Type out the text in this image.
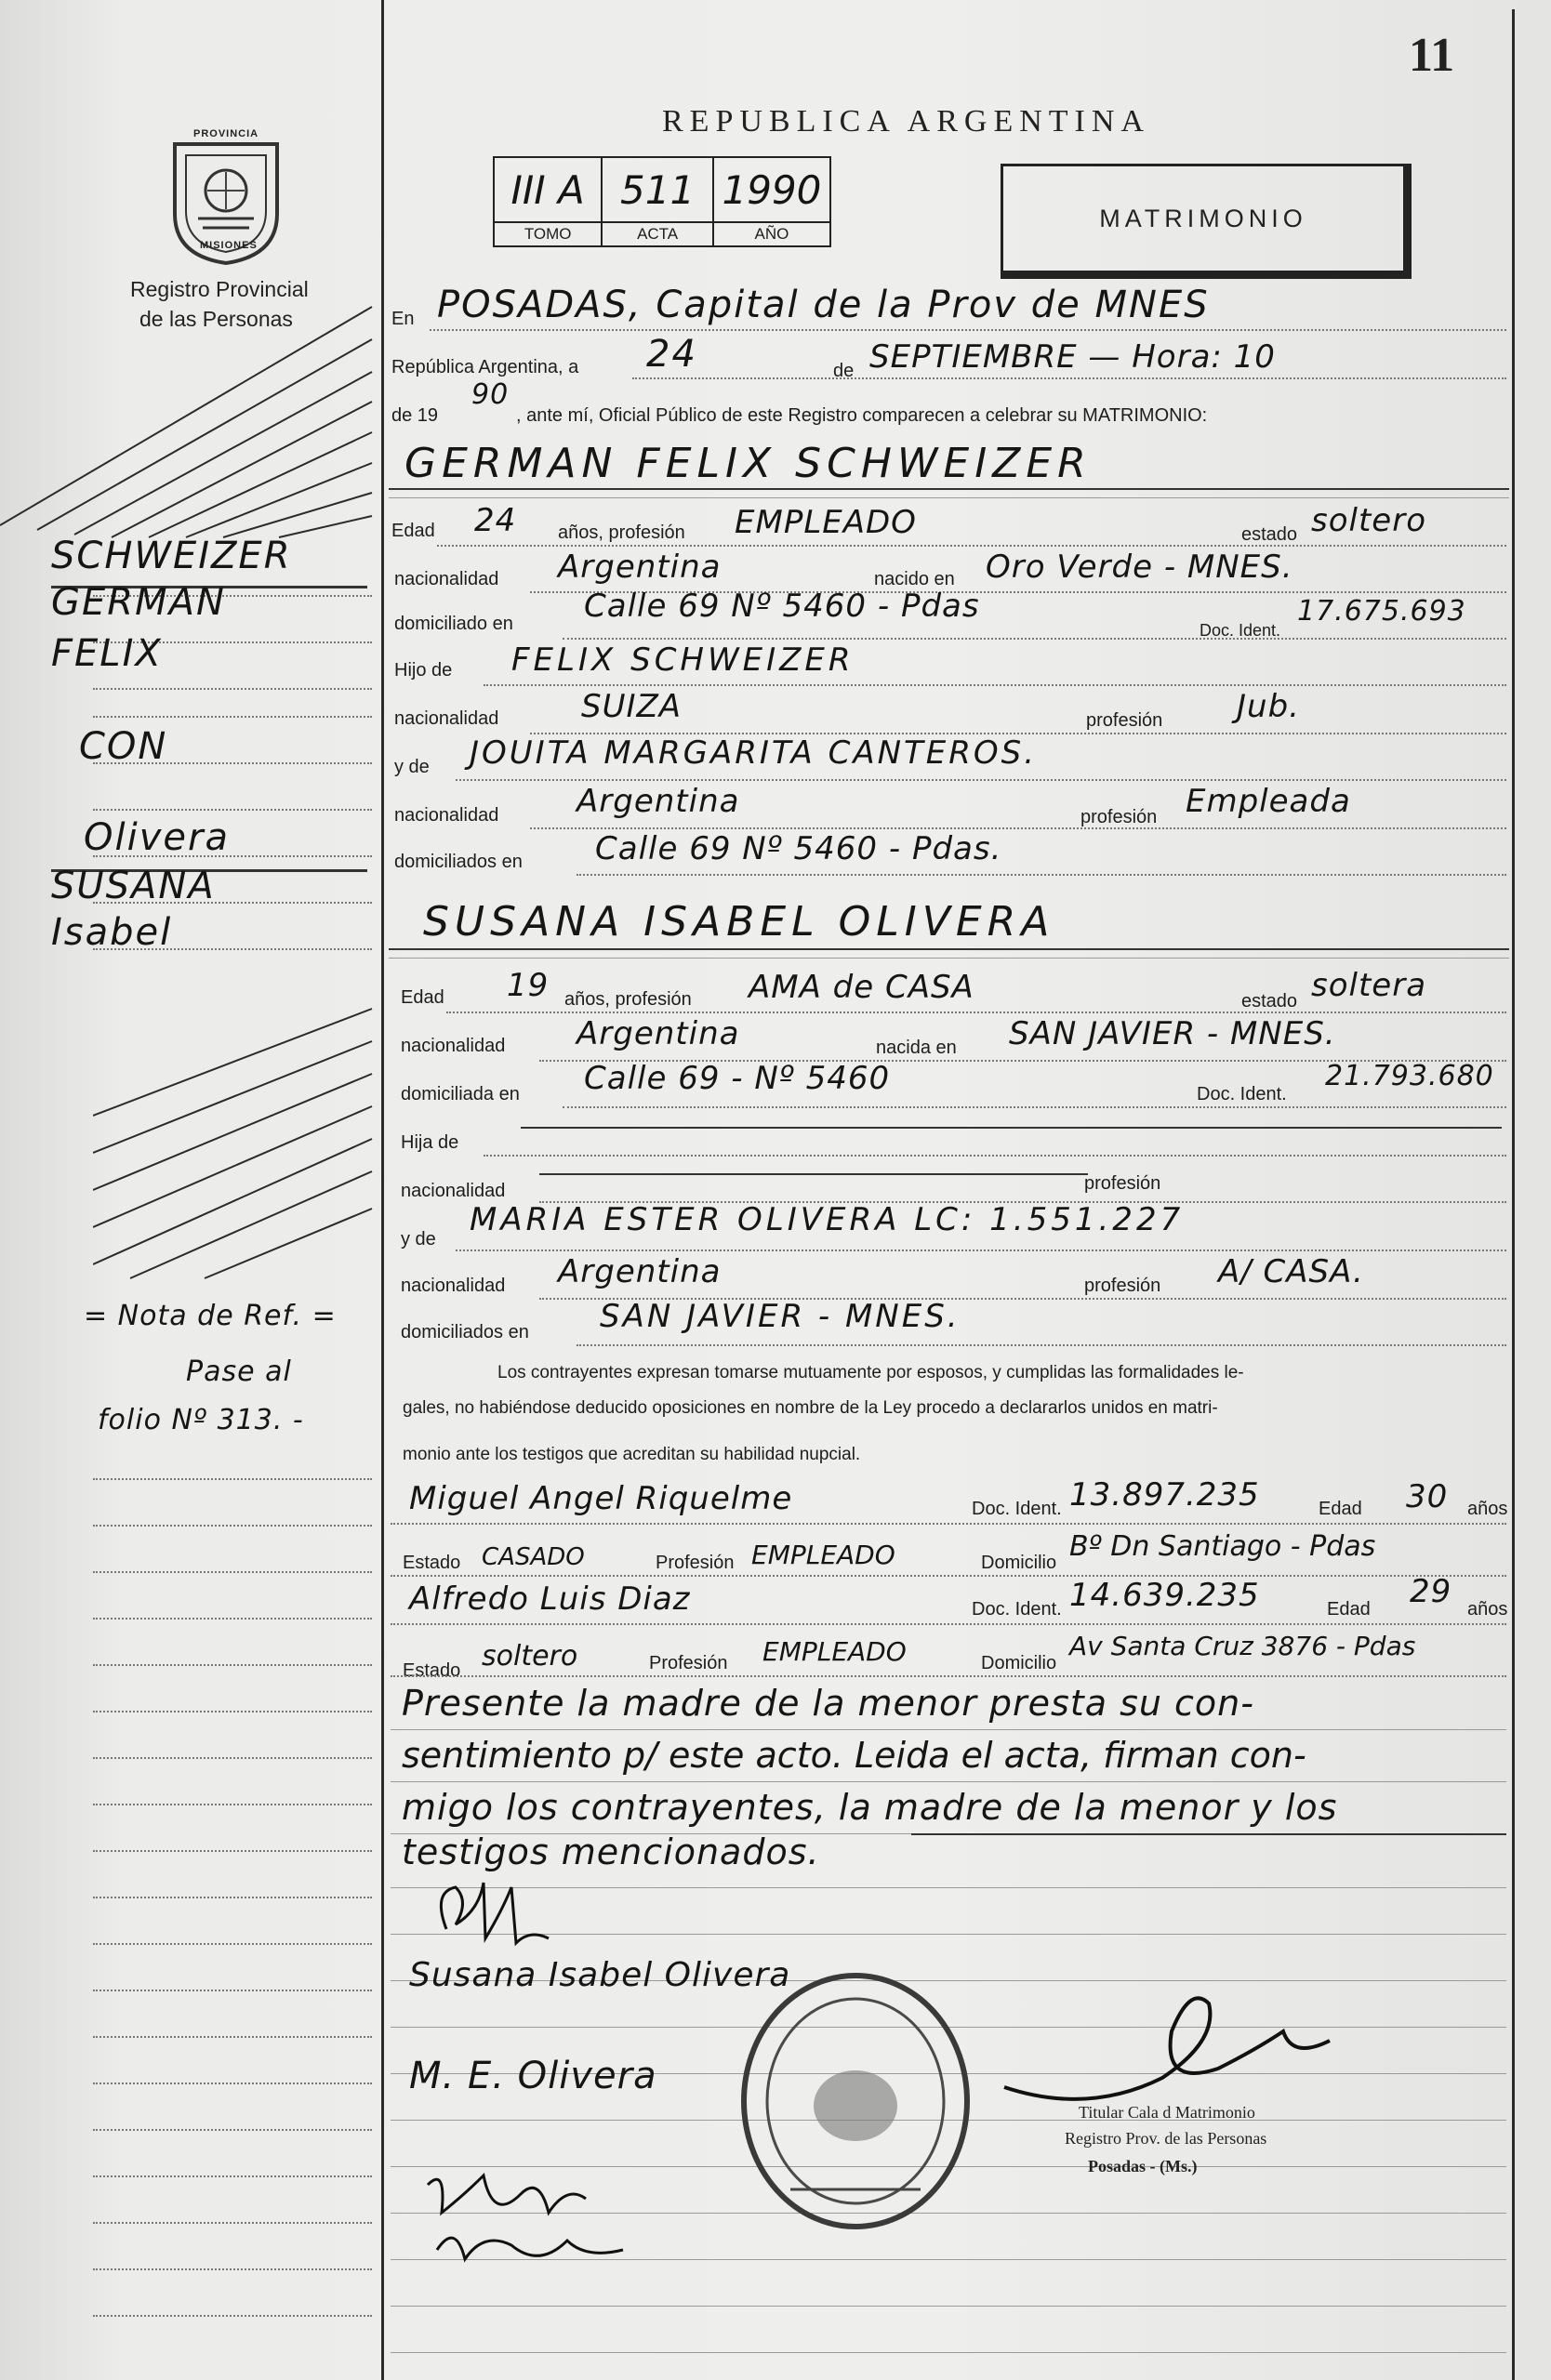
11
PROVINCIA
MISIONES
Registro Provincial
de las Personas
REPUBLICA ARGENTINA
III A	511	1990
TOMO	ACTA	AÑO
MATRIMONIO
SCHWEIZER
GERMAN
FELIX
CON
Olivera
SUSANA
Isabel
= Nota de Ref. =
Pase al
folio Nº 313. -
En POSADAS, Capital de la Prov de MNES
República Argentina, a 24	de SEPTIEMBRE — Hora: 10
de 19
90
, ante mí, Oficial Público de este Registro comparecen a celebrar su MATRIMONIO:
GERMAN FELIX SCHWEIZER
Edad 24 años, profesión EMPLEADO	estado soltero
nacionalidad Argentina	nacido en Oro Verde - MNES.
domiciliado en Calle 69 Nº 5460 - Pdas
Doc. Ident.
17.675.693
Hijo de FELIX SCHWEIZER
nacionalidad	SUIZA	profesión Jub.
y de JOUITA MARGARITA CANTEROS.
nacionalidad Argentina	profesión Empleada
domiciliados en Calle 69 Nº 5460 - Pdas.
SUSANA ISABEL OLIVERA
Edad 19 años, profesión AMA de CASA	estado soltera
nacionalidad Argentina	nacida en SAN JAVIER - MNES.
domiciliada en Calle 69 - Nº 5460	Doc. Ident.
21.793.680
Hija de
nacionalidad	profesión
y de
MARIA ESTER OLIVERA LC: 1.551.227
nacionalidad Argentina	profesión A/ CASA.
domiciliados en SAN JAVIER - MNES.
Los contrayentes expresan tomarse mutuamente por esposos, y cumplidas las formalidades le-
gales, no habiéndose deducido oposiciones en nombre de la Ley procedo a declararlos unidos en matri-
monio ante los testigos que acreditan su habilidad nupcial.
Miguel Angel Riquelme	Doc. Ident. 13.897.235	Edad 30 años
Estado CASADO	Profesión EMPLEADO	Domicilio Bº Dn Santiago - Pdas
Alfredo Luis Diaz	Doc. Ident. 14.639.235	Edad 29 años
Estado soltero	Profesión EMPLEADO	Domicilio
Av Santa Cruz 3876 - Pdas
Presente la madre de la menor presta su con-
sentimiento p/ este acto. Leida el acta, firman con-
migo los contrayentes, la madre de la menor y los
testigos mencionados.
Susana Isabel Olivera
M. E. Olivera
Titular Cala d Matrimonio
Registro Prov. de las Personas
Posadas - (Ms.)
